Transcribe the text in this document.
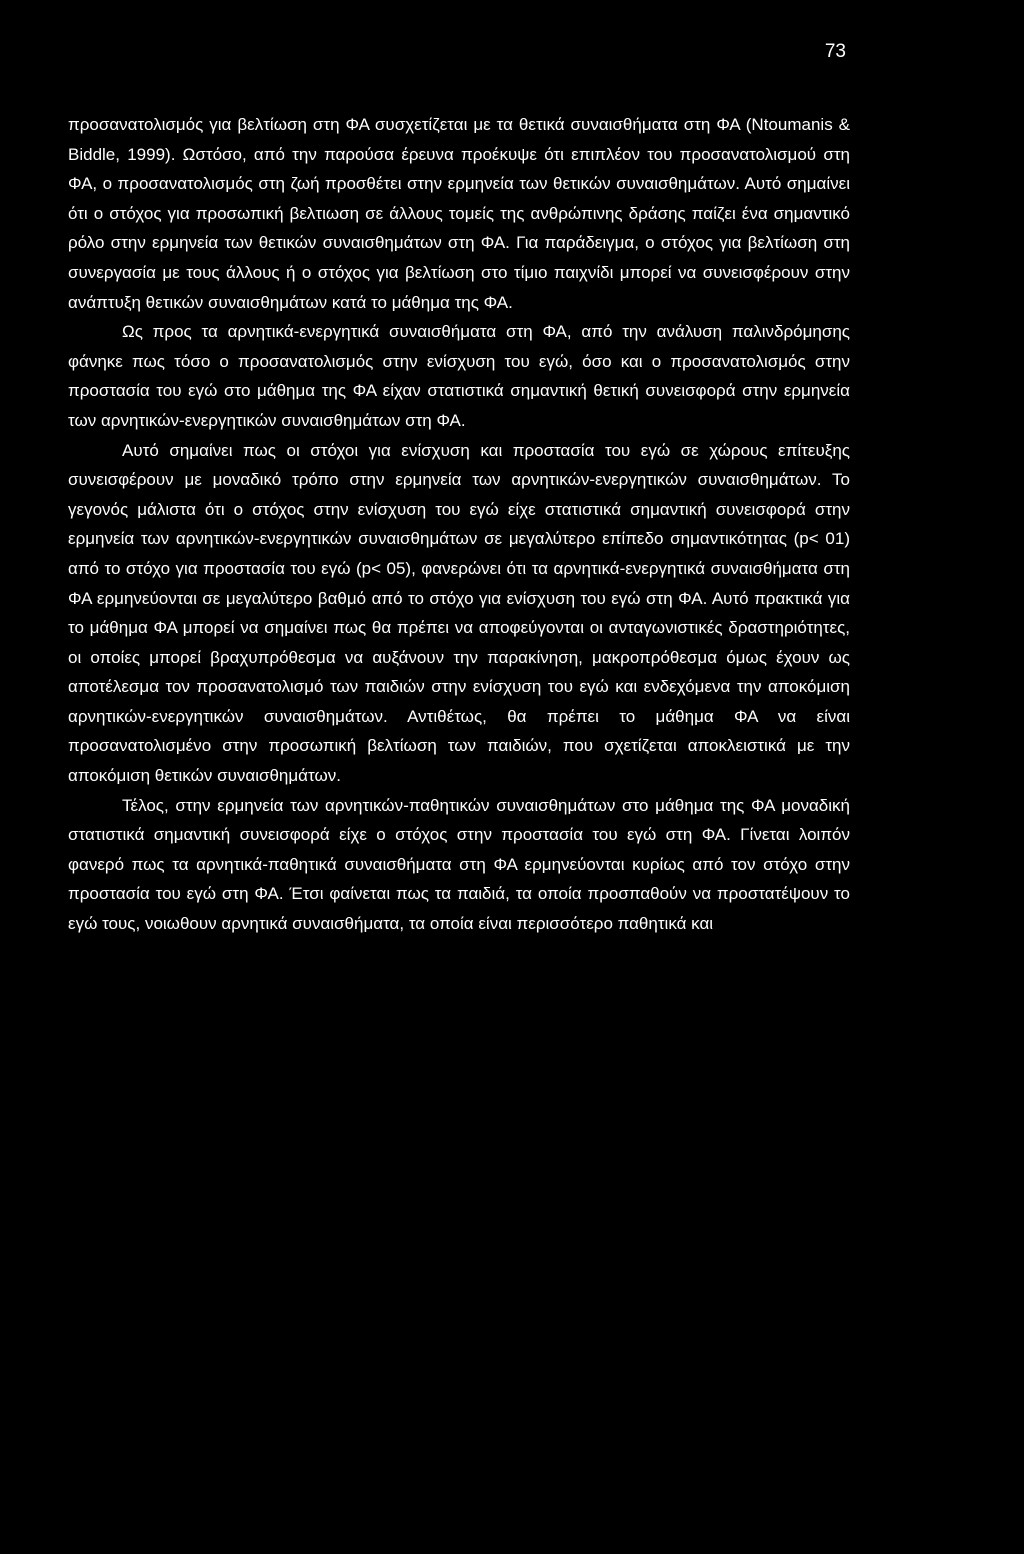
73

προσανατολισμός για βελτίωση στη ΦΑ συσχετίζεται με τα θετικά συναισθήματα στη ΦΑ (Ntoumanis & Biddle, 1999). Ωστόσο, από την παρούσα έρευνα προέκυψε ότι επιπλέον του προσανατολισμού στη ΦΑ, ο προσανατολισμός στη ζωή προσθέτει στην ερμηνεία των θετικών συναισθημάτων. Αυτό σημαίνει ότι ο στόχος για προσωπική βελτιωση σε άλλους τομείς της ανθρώπινης δράσης παίζει ένα σημαντικό ρόλο στην ερμηνεία των θετικών συναισθημάτων στη ΦΑ. Για παράδειγμα, ο στόχος για βελτίωση στη συνεργασία με τους άλλους ή ο στόχος για βελτίωση στο τίμιο παιχνίδι μπορεί να συνεισφέρουν στην ανάπτυξη θετικών συναισθημάτων κατά το μάθημα της ΦΑ.

Ως προς τα αρνητικά-ενεργητικά συναισθήματα στη ΦΑ, από την ανάλυση παλινδρόμησης φάνηκε πως τόσο ο προσανατολισμός στην ενίσχυση του εγώ, όσο και ο προσανατολισμός στην προστασία του εγώ στο μάθημα της ΦΑ είχαν στατιστικά σημαντική θετική συνεισφορά στην ερμηνεία των αρνητικών-ενεργητικών συναισθημάτων στη ΦΑ.

Αυτό σημαίνει πως οι στόχοι για ενίσχυση και προστασία του εγώ σε χώρους επίτευξης συνεισφέρουν με μοναδικό τρόπο στην ερμηνεία των αρνητικών-ενεργητικών συναισθημάτων. Το γεγονός μάλιστα ότι ο στόχος στην ενίσχυση του εγώ είχε στατιστικά σημαντική συνεισφορά στην ερμηνεία των αρνητικών-ενεργητικών συναισθημάτων σε μεγαλύτερο επίπεδο σημαντικότητας (p< 01) από το στόχο για προστασία του εγώ (p< 05), φανερώνει ότι τα αρνητικά-ενεργητικά συναισθήματα στη ΦΑ ερμηνεύονται σε μεγαλύτερο βαθμό από το στόχο για ενίσχυση του εγώ στη ΦΑ. Αυτό πρακτικά για το μάθημα ΦΑ μπορεί να σημαίνει πως θα πρέπει να αποφεύγονται οι ανταγωνιστικές δραστηριότητες, οι οποίες μπορεί βραχυπρόθεσμα να αυξάνουν την παρακίνηση, μακροπρόθεσμα όμως έχουν ως αποτέλεσμα τον προσανατολισμό των παιδιών στην ενίσχυση του εγώ και ενδεχόμενα την αποκόμιση αρνητικών-ενεργητικών συναισθημάτων. Αντιθέτως, θα πρέπει το μάθημα ΦΑ να είναι προσανατολισμένο στην προσωπική βελτίωση των παιδιών, που σχετίζεται αποκλειστικά με την αποκόμιση θετικών συναισθημάτων.

Τέλος, στην ερμηνεία των αρνητικών-παθητικών συναισθημάτων στο μάθημα της ΦΑ μοναδική στατιστικά σημαντική συνεισφορά είχε ο στόχος στην προστασία του εγώ στη ΦΑ. Γίνεται λοιπόν φανερό πως τα αρνητικά-παθητικά συναισθήματα στη ΦΑ ερμηνεύονται κυρίως από τον στόχο στην προστασία του εγώ στη ΦΑ. Έτσι φαίνεται πως τα παιδιά, τα οποία προσπαθούν να προστατέψουν το εγώ τους, νοιωθουν αρνητικά συναισθήματα, τα οποία είναι περισσότερο παθητικά και
